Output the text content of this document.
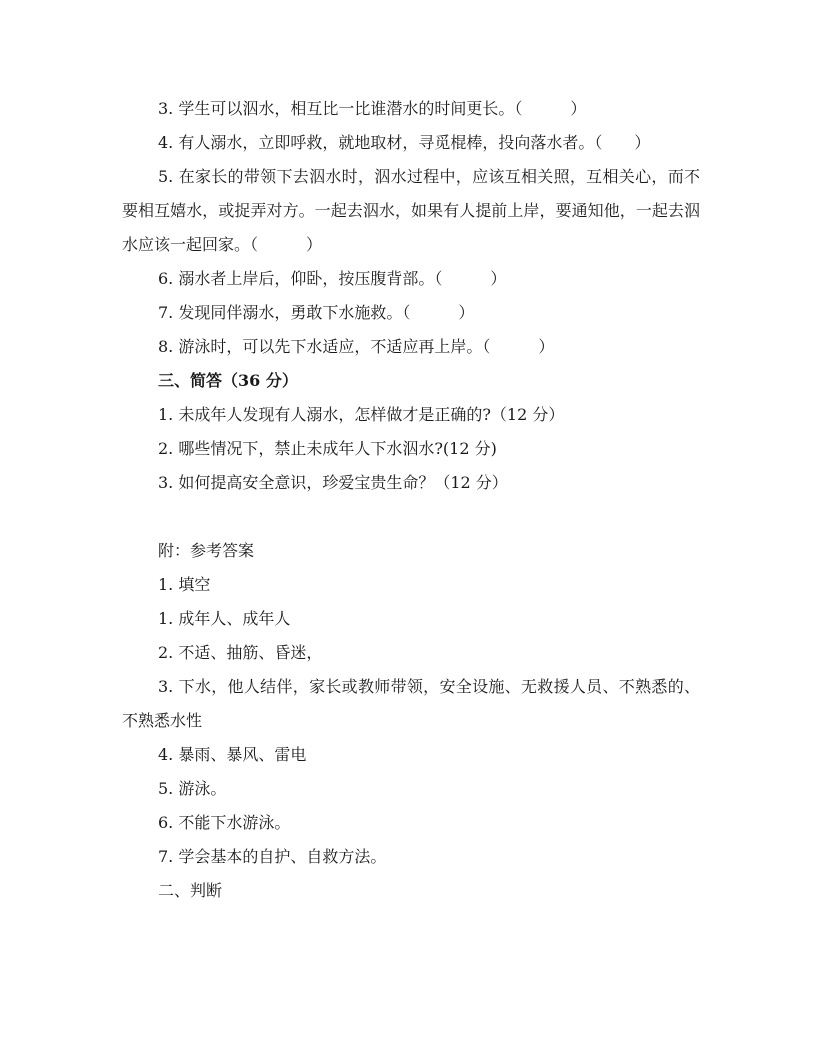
3. 学生可以泅水，相互比一比谁潜水的时间更长。（　　　）

4. 有人溺水，立即呼救，就地取材，寻觅棍棒，投向落水者。（　　）

5. 在家长的带领下去泅水时，泅水过程中，应该互相关照，互相关心，而不要相互嬉水，或捉弄对方。一起去泅水，如果有人提前上岸，要通知他，一起去泅水应该一起回家。（　　　）

6. 溺水者上岸后，仰卧，按压腹背部。（　　　）

7. 发现同伴溺水，勇敢下水施救。（　　　）

8. 游泳时，可以先下水适应，不适应再上岸。（　　　）

三、简答（36 分）

1. 未成年人发现有人溺水，怎样做才是正确的?（12 分）

2. 哪些情况下，禁止未成年人下水泅水?(12 分)

3. 如何提高安全意识，珍爱宝贵生命？（12 分）

附：参考答案

1. 填空

1. 成年人、成年人

2. 不适、抽筋、昏迷，

3. 下水，他人结伴，家长或教师带领，安全设施、无救援人员、不熟悉的、不熟悉水性

4. 暴雨、暴风、雷电

5. 游泳。

6. 不能下水游泳。

7. 学会基本的自护、自救方法。

二、判断
